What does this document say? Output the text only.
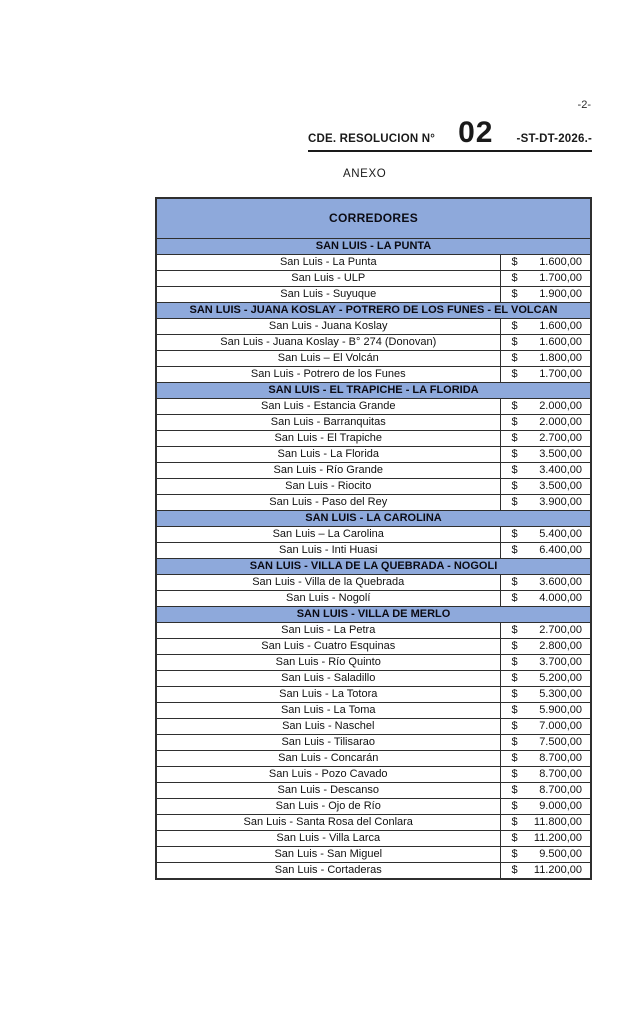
-2-
CDE. RESOLUCION N° 02 -ST-DT-2026.-
ANEXO
CORREDORES	
SAN LUIS - LA PUNTA	
San Luis - La Punta	$ 1.600,00

San Luis - ULP	$ 1.700,00

San Luis - Suyuque	$ 1.900,00

SAN LUIS - JUANA KOSLAY - POTRERO DE LOS FUNES - EL VOLCAN	
San Luis - Juana Koslay	$ 1.600,00

San Luis - Juana Koslay - B° 274 (Donovan)	$ 1.600,00

San Luis – El Volcán	$ 1.800,00

San Luis - Potrero de los Funes	$ 1.700,00

SAN LUIS - EL TRAPICHE - LA FLORIDA	
San Luis - Estancia Grande	$ 2.000,00

San Luis - Barranquitas	$ 2.000,00

San Luis - El Trapiche	$ 2.700,00

San Luis - La Florida	$ 3.500,00

San Luis - Río Grande	$ 3.400,00

San Luis - Riocito	$ 3.500,00

San Luis - Paso del Rey	$ 3.900,00

SAN LUIS - LA CAROLINA	
San Luis – La Carolina	$ 5.400,00

San Luis - Inti Huasi	$ 6.400,00

SAN LUIS - VILLA DE LA QUEBRADA - NOGOLI	
San Luis - Villa de la Quebrada	$ 3.600,00

San Luis - Nogolí	$ 4.000,00

SAN LUIS - VILLA DE MERLO	
San Luis - La Petra	$ 2.700,00

San Luis - Cuatro Esquinas	$ 2.800,00

San Luis - Río Quinto	$ 3.700,00

San Luis - Saladillo	$ 5.200,00

San Luis - La Totora	$ 5.300,00

San Luis - La Toma	$ 5.900,00

San Luis - Naschel	$ 7.000,00

San Luis - Tilisarao	$ 7.500,00

San Luis - Concarán	$ 8.700,00

San Luis - Pozo Cavado	$ 8.700,00

San Luis - Descanso	$ 8.700,00

San Luis - Ojo de Río	$ 9.000,00

San Luis - Santa Rosa del Conlara	$ 11.800,00

San Luis - Villa Larca	$ 11.200,00

San Luis - San Miguel	$ 9.500,00

San Luis - Cortaderas	$ 11.200,00
